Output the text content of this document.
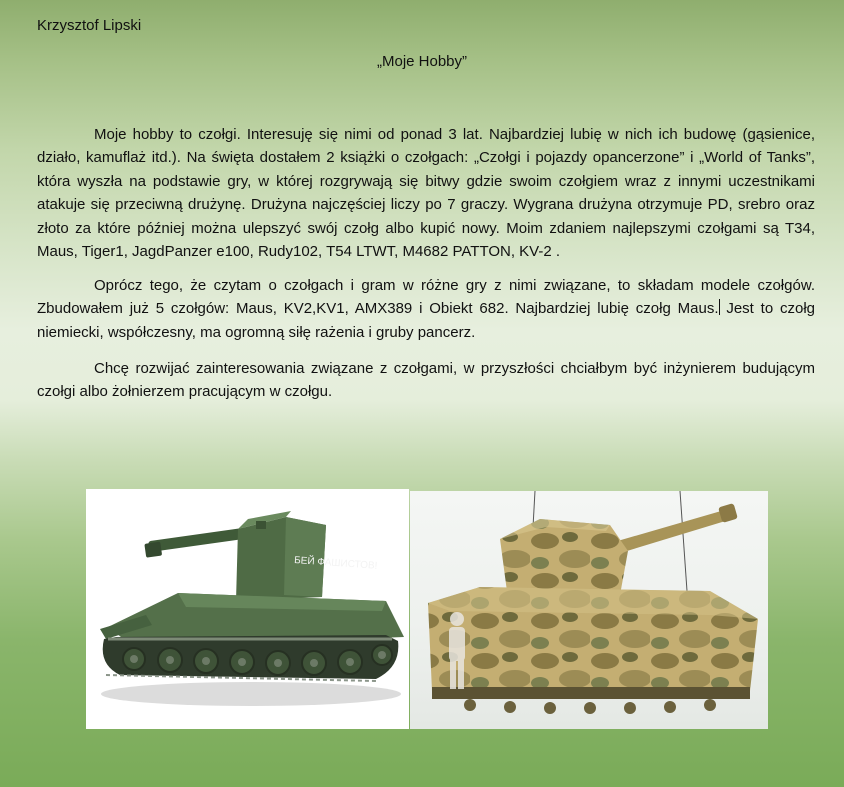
Krzysztof Lipski
„Moje Hobby”

Moje hobby to czołgi. Interesuję się nimi od ponad 3 lat. Najbardziej lubię w nich ich budowę (gąsienice, działo, kamuflaż itd.). Na święta dostałem 2 książki o czołgach: „Czołgi i pojazdy opancerzone” i „World of Tanks”, która wyszła na podstawie gry, w której rozgrywają się bitwy gdzie swoim czołgiem wraz z innymi uczestnikami atakuje się przeciwną drużynę. Drużyna najczęściej liczy po 7 graczy. Wygrana drużyna otrzymuje PD, srebro oraz złoto za które później można ulepszyć swój czołg albo kupić nowy. Moim zdaniem najlepszymi czołgami są T34, Maus, Tiger1, JagdPanzer e100, Rudy102, T54 LTWT, M4682 PATTON, KV-2 .

Oprócz tego, że czytam o czołgach i gram w różne gry z nimi związane, to składam modele czołgów. Zbudowałem już 5 czołgów: Maus, KV2,KV1, AMX389 i Obiekt 682. Najbardziej lubię czołg Maus. Jest to czołg niemiecki, współczesny, ma ogromną siłę rażenia i gruby pancerz.

Chcę rozwijać zainteresowania związane z czołgami, w przyszłości chciałbym być inżynierem budującym czołgi albo żołnierzem pracującym w czołgu.

БЕЙ ФАШИСТОВ!
